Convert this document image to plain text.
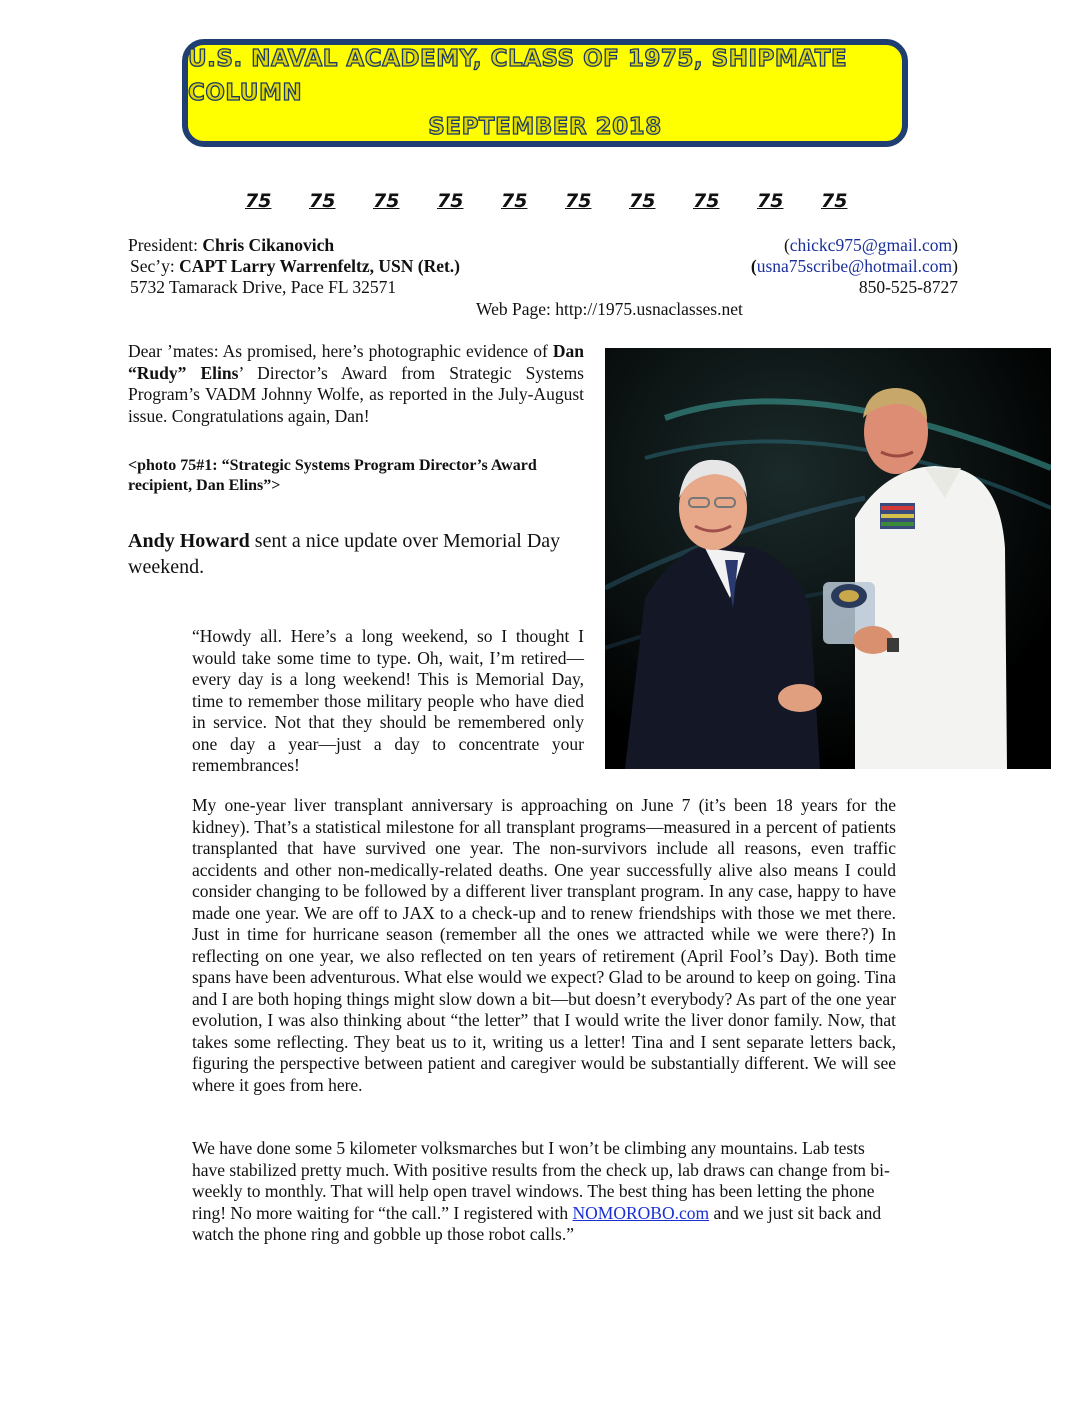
U.S. NAVAL ACADEMY, CLASS OF 1975, SHIPMATE COLUMN
SEPTEMBER 2018
75 75 75 75 75 75 75 75 75 75
President: Chris Cikanovich	(chickc975@gmail.com)
Sec’y: CAPT Larry Warrenfeltz, USN (Ret.)	(usna75scribe@hotmail.com)
5732 Tamarack Drive, Pace FL 32571	850-525-8727
Web Page: http://1975.usnaclasses.net
Dear ’mates: As promised, here’s photographic evidence of Dan “Rudy” Elins’ Director’s Award from Strategic Systems Program’s VADM Johnny Wolfe, as reported in the July-August issue. Congratulations again, Dan!
<photo 75#1: “Strategic Systems Program Director’s Award recipient, Dan Elins”>
Andy Howard sent a nice update over Memorial Day weekend.
“Howdy all. Here’s a long weekend, so I thought I would take some time to type. Oh, wait, I’m retired—every day is a long weekend! This is Memorial Day, time to remember those military people who have died in service. Not that they should be remembered only one day a year—just a day to concentrate your remembrances!
My one-year liver transplant anniversary is approaching on June 7 (it’s been 18 years for the kidney). That’s a statistical milestone for all transplant programs—measured in a percent of patients transplanted that have survived one year. The non-survivors include all reasons, even traffic accidents and other non-medically-related deaths. One year successfully alive also means I could consider changing to be followed by a different liver transplant program. In any case, happy to have made one year. We are off to JAX to a check-up and to renew friendships with those we met there. Just in time for hurricane season (remember all the ones we attracted while we were there?) In reflecting on one year, we also reflected on ten years of retirement (April Fool’s Day). Both time spans have been adventurous. What else would we expect? Glad to be around to keep on going. Tina and I are both hoping things might slow down a bit—but doesn’t everybody? As part of the one year evolution, I was also thinking about “the letter” that I would write the liver donor family. Now, that takes some reflecting. They beat us to it, writing us a letter! Tina and I sent separate letters back, figuring the perspective between patient and caregiver would be substantially different. We will see where it goes from here.
We have done some 5 kilometer volksmarches but I won’t be climbing any mountains. Lab tests have stabilized pretty much. With positive results from the check up, lab draws can change from bi-weekly to monthly. That will help open travel windows. The best thing has been letting the phone ring! No more waiting for “the call.” I registered with NOMOROBO.com and we just sit back and watch the phone ring and gobble up those robot calls.”
